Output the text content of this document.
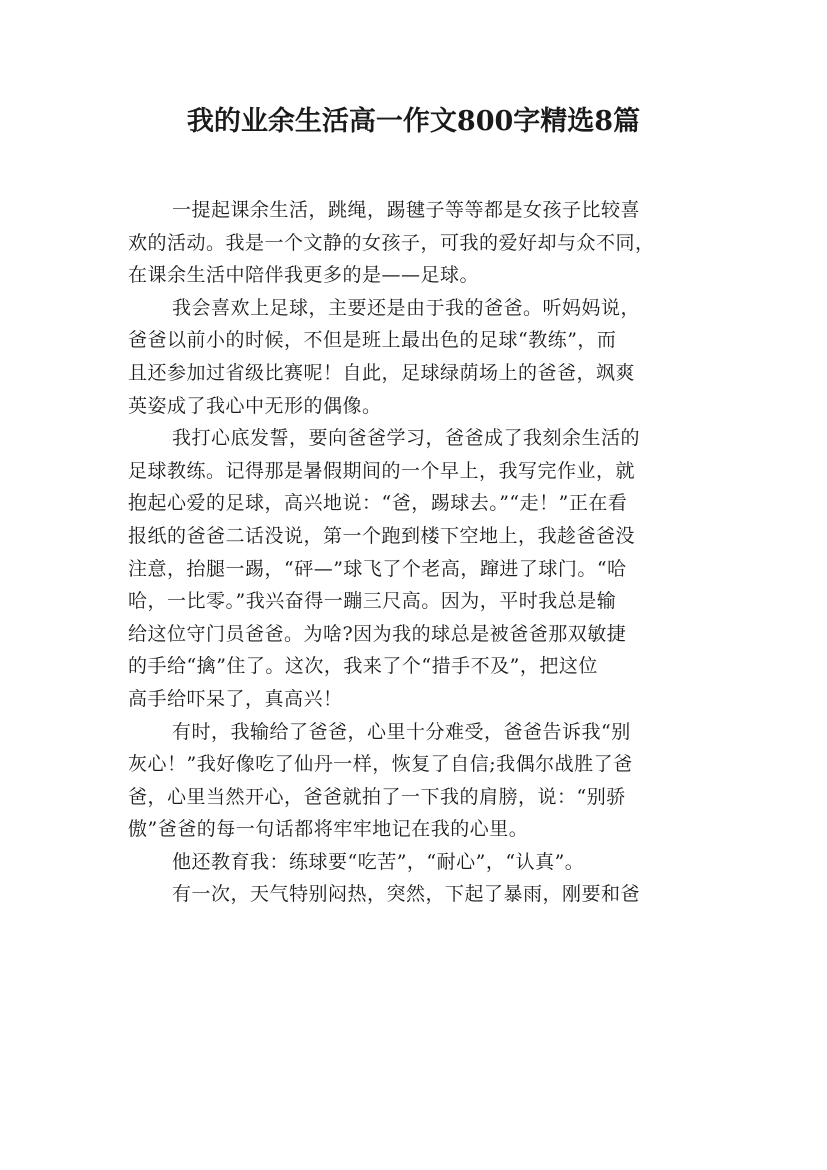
我的业余生活高一作文800字精选8篇

一提起课余生活，跳绳，踢毽子等等都是女孩子比较喜
欢的活动。我是一个文静的女孩子，可我的爱好却与众不同，
在课余生活中陪伴我更多的是——足球。

我会喜欢上足球，主要还是由于我的爸爸。听妈妈说，
爸爸以前小的时候，不但是班上最出色的足球“教练”，而
且还参加过省级比赛呢！自此，足球绿荫场上的爸爸，飒爽
英姿成了我心中无形的偶像。

我打心底发誓，要向爸爸学习，爸爸成了我刻余生活的
足球教练。记得那是暑假期间的一个早上，我写完作业，就
抱起心爱的足球，高兴地说：“爸，踢球去。”“走！”正在看
报纸的爸爸二话没说，第一个跑到楼下空地上，我趁爸爸没
注意，抬腿一踢，“砰—”球飞了个老高，蹿进了球门。“哈
哈，一比零。”我兴奋得一蹦三尺高。因为，平时我总是输
给这位守门员爸爸。为啥?因为我的球总是被爸爸那双敏捷
的手给“擒”住了。这次，我来了个“措手不及”，把这位
高手给吓呆了，真高兴！

有时，我输给了爸爸，心里十分难受，爸爸告诉我“别
灰心！”我好像吃了仙丹一样，恢复了自信;我偶尔战胜了爸
爸，心里当然开心，爸爸就拍了一下我的肩膀，说：“别骄
傲”爸爸的每一句话都将牢牢地记在我的心里。

他还教育我：练球要“吃苦”，“耐心”，“认真”。

有一次，天气特别闷热，突然，下起了暴雨，刚要和爸
